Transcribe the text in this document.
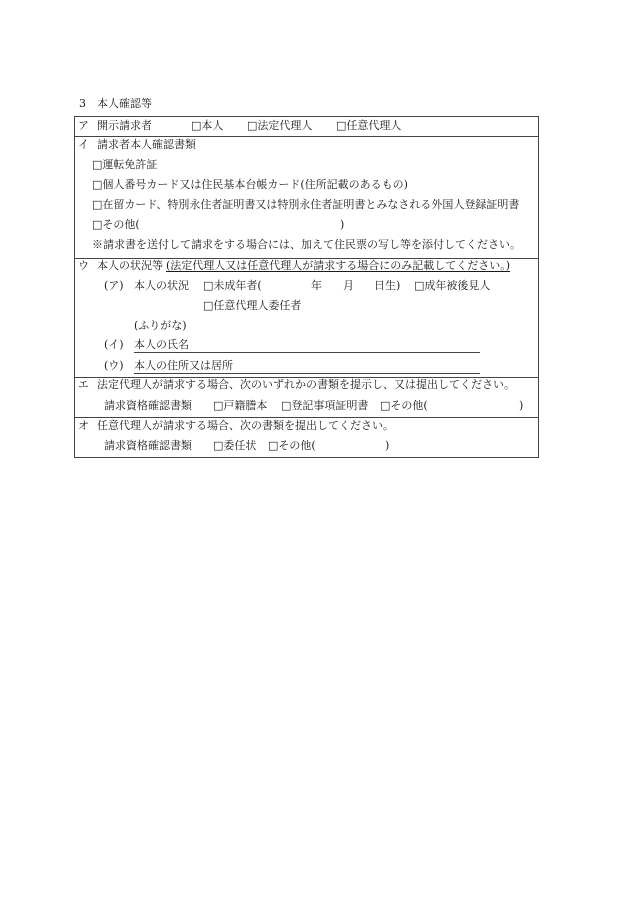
3 本人確認等
ア 開示請求者	□本人 □法定代理人 □任意代理人
イ 請求者本人確認書類
□運転免許証
□個人番号カード又は住民基本台帳カード(住所記載のあるもの)
□在留カード、特別永住者証明書又は特別永住者証明書とみなされる外国人登録証明書
□その他(	)
※請求書を送付して請求をする場合には、加えて住民票の写し等を添付してください。
ウ 本人の状況等 (法定代理人又は任意代理人が請求する場合にのみ記載してください。)
(ア) 本人の状況 □未成年者(	年 月 日生) □成年被後見人
□任意代理人委任者
(ふりがな)
(イ) 本人の氏名
(ウ) 本人の住所又は居所
エ 法定代理人が請求する場合、次のいずれかの書類を提示し、又は提出してください。
請求資格確認書類 □戸籍謄本 □登記事項証明書 □その他(	)
オ 任意代理人が請求する場合、次の書類を提出してください。
請求資格確認書類 □委任状 □その他(	)
